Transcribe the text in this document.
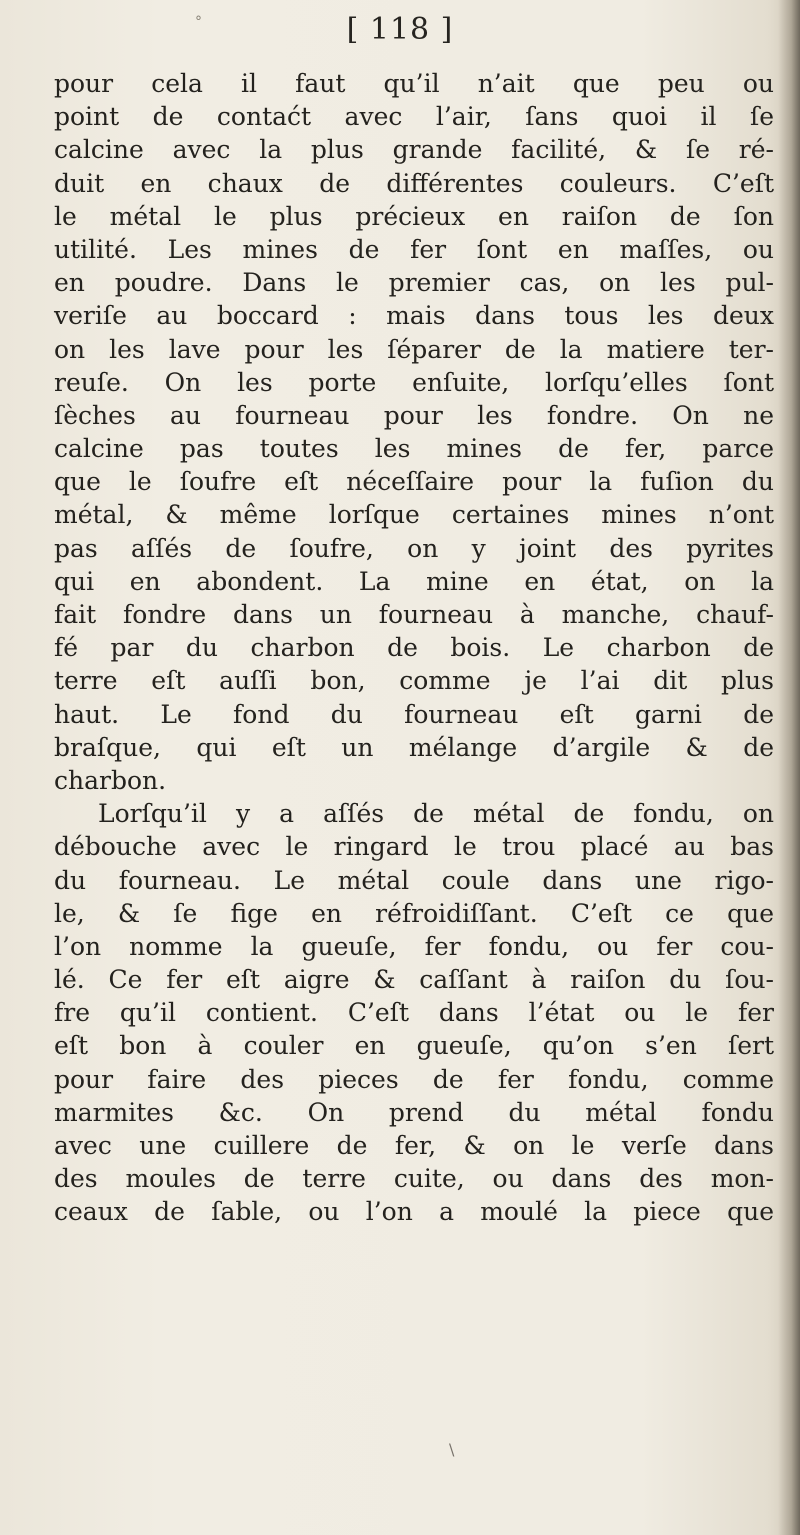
°	[ 118 ]
pour cela il faut qu’il n’ait que peu ou
point de contaćt avec l’air, ſans quoi il ſe
calcine avec la plus grande facilité, & ſe ré-
duit en chaux de différentes couleurs. C’eſt
le métal le plus précieux en raiſon de ſon
utilité. Les mines de fer ſont en maſſes, ou
en poudre. Dans le premier cas, on les pul-
veriſe au boccard : mais dans tous les deux
on les lave pour les ſéparer de la matiere ter-
reuſe. On les porte enſuite, lorſqu’elles ſont
ſèches au fourneau pour les fondre. On ne
calcine pas toutes les mines de fer, parce
que le ſoufre eſt néceſſaire pour la fuſion du
métal, & même lorſque certaines mines n’ont
pas aſſés de ſoufre, on y joint des pyrites
qui en abondent. La mine en état, on la
fait fondre dans un fourneau à manche, chauf-
fé par du charbon de bois. Le charbon de
terre eſt auſſi bon, comme je l’ai dit plus
haut. Le fond du fourneau eſt garni de
braſque, qui eſt un mélange d’argile & de
charbon.
Lorſqu’il y a aſſés de métal de fondu, on
débouche avec le ringard le trou placé au bas
du fourneau. Le métal coule dans une rigo-
le, & ſe fige en réfroidiſſant. C’eſt ce que
l’on nomme la gueuſe, fer fondu, ou fer cou-
lé. Ce fer eſt aigre & caſſant à raiſon du ſou-
fre qu’il contient. C’eſt dans l’état ou le fer
eſt bon à couler en gueuſe, qu’on s’en ſert
pour faire des pieces de fer fondu, comme
marmites &c. On prend du métal fondu
avec une cuillere de fer, & on le verſe dans
des moules de terre cuite, ou dans des mon-
ceaux de ſable, ou l’on a moulé la piece que
\
